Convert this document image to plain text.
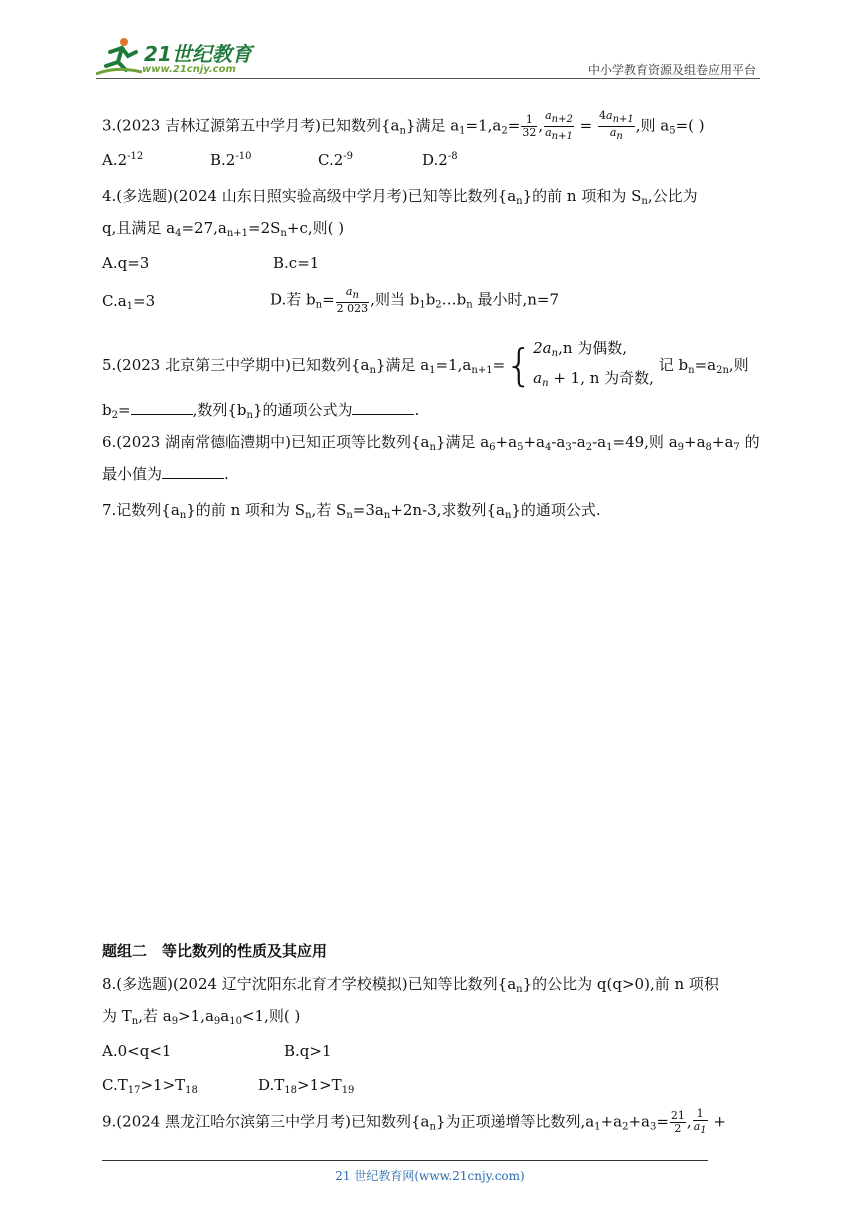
21世纪教育
www.21cnjy.com	中小学教育资源及组卷应用平台
3.(2023 吉林辽源第五中学月考)已知数列$\{a_n\}$满足 $a_1=1,a_2= \frac{1}{32}$ , $\frac{a_{n+2}}{a_{n+1}} = \frac{4a_{n+1}}{a_n}$ ,则 $a_5=$( )
$A.2^{-12}$	$B.2^{-10}$	$C.2^{-9}$	$D.2^{-8}$
4.(多选题)(2024 山东日照实验高级中学月考)已知等比数列$\{a_n\}$的前 n 项和为 $S_n$,公比为
q,且满足 $a_4=27,a_{n+1}=2S_n+c$,则( )
A.q=3	B.c=1
$C.a_1=3$	D.若 $b_n= \frac{a_n}{2 023}$ ,则当 $b_1b_2\dots b_n$ 最小时,n=7
5.(2023 北京第三中学期中)已知数列$\{a_n\}$满足 $a_1=1,a_{n+1}=${ $2a_n,n$ 为偶数,
$a_n + 1$, n 为奇数,
记 $b_n=a_{2n}$,则
$b_2=$	,数列$\{b_n\}$的通项公式为	.
6.(2023 湖南常德临澧期中)已知正项等比数列$\{a_n\}$满足 $a_6+a_5+a_4-a_3-a_2-a_1=49$,则 $a_9+a_8+a_7$ 的
最小值为	.
7.记数列$\{a_n\}$的前 n 项和为 $S_n$,若 $S_n=3a_n+2n-3$,求数列$\{a_n\}$的通项公式.
题组二　等比数列的性质及其应用
8.(多选题)(2024 辽宁沈阳东北育才学校模拟)已知等比数列$\{a_n\}$的公比为 q(q>0),前 n 项积
为 $T_n$,若 $a_9>1,a_9a_{10}<1$,则( )
A.0<q<1	B.q>1
$C.T_{17}>1>T_{18}$	$D.T_{18}>1>T_{19}$
9.(2024 黑龙江哈尔滨第三中学月考)已知数列$\{a_n\}$为正项递增等比数列$,a_1+a_2+a_3= \frac{21}{2}$ , $\frac{1}{a_1}$ +
21 世纪教育网(www.21cnjy.com)
